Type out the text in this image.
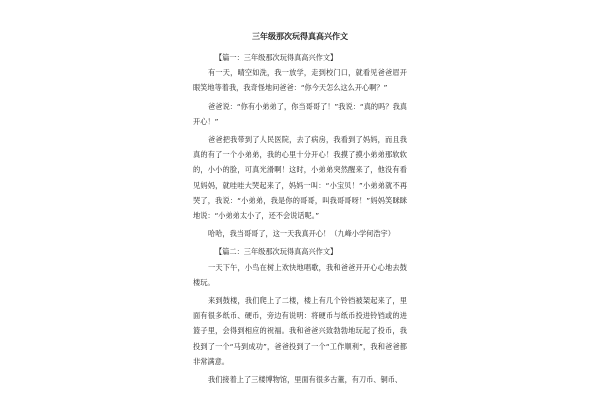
三年级那次玩得真高兴作文

【篇一：三年级那次玩得真高兴作文】

有一天，晴空如洗，我一放学，走到校门口，就看见爸爸眉开眼笑地等着我，我奇怪地问爸爸：“你今天怎么这么开心啊？”

爸爸说：“你有小弟弟了，你当哥哥了！”我说：“真的吗？我真开心！”

爸爸把我带到了人民医院，去了病房，我看到了妈妈，而且我真的有了一个小弟弟，我的心里十分开心！我摸了摸小弟弟那软软的，小小的脸，可真光滑啊！这时，小弟弟突然醒来了，他没有看见妈妈，就哇哇大哭起来了，妈妈一叫：“小宝贝！”小弟弟就不再哭了，我说：“小弟弟，我是你的哥哥，叫我哥哥呀！”妈妈笑眯眯地说：“小弟弟太小了，还不会说话呢。”

哈哈，我当哥哥了，这一天我真开心！（九峰小学何浩宇）

【篇二：三年级那次玩得真高兴作文】

一天下午，小鸟在树上欢快地唱歌，我和爸爸开开心心地去鼓楼玩。

来到鼓楼，我们爬上了二楼，楼上有几个铃铛被架起来了，里面有很多纸币、硬币，旁边有说明：将硬币与纸币投进铃铛或的进篮子里，会得到相应的祝福。我和爸爸兴致勃勃地玩起了投币，我投到了一个“马到成功”，爸爸投到了一个“工作顺利”，我和爸爸都非常满意。

我们接着上了三楼博物馆，里面有很多古董，有刀币、铜币、
